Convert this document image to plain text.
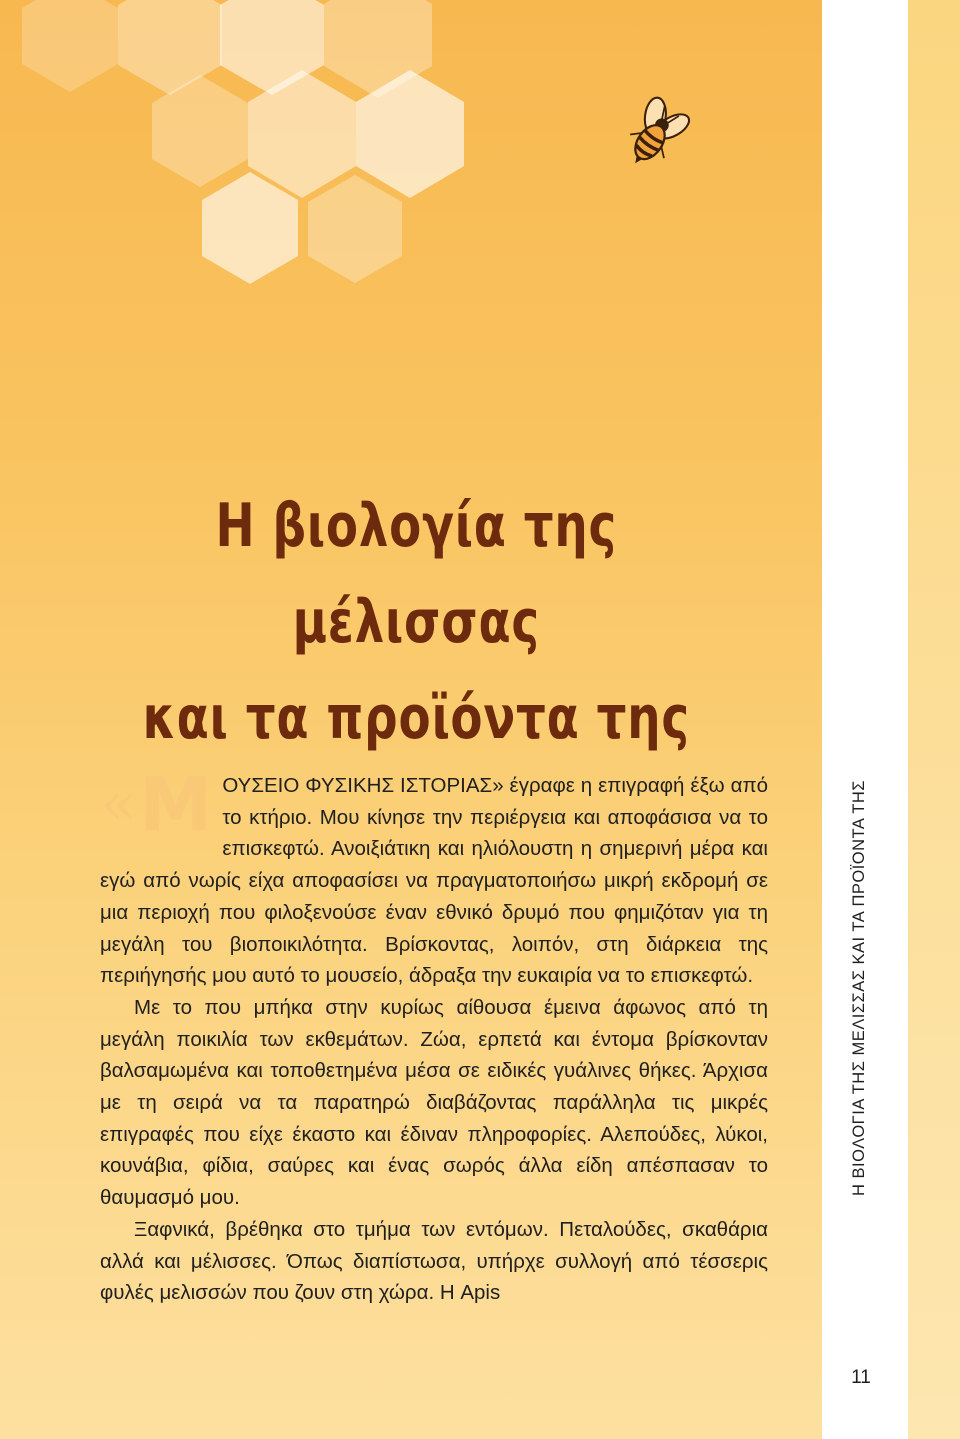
Η βιολογία της μέλισσας
και τα προϊόντα της

« Μ ΟΥΣΕΙΟ ΦΥΣΙΚΗΣ ΙΣΤΟΡΙΑΣ» έγραφε η επιγραφή έξω από το κτήριο. Μου κίνησε την περιέργεια και αποφάσισα να το επισκεφτώ. Ανοιξιάτικη και ηλιόλουστη η σημερινή μέρα και εγώ από νωρίς είχα αποφασίσει να πραγματοποιήσω μικρή εκδρομή σε μια περιοχή που φιλοξενούσε έναν εθνικό δρυμό που φημιζόταν για τη μεγάλη του βιοποικιλότητα. Βρίσκοντας, λοιπόν, στη διάρκεια της περιήγησής μου αυτό το μουσείο, άδραξα την ευκαιρία να το επισκεφτώ.

Με το που μπήκα στην κυρίως αίθουσα έμεινα άφωνος από τη μεγάλη ποικιλία των εκθεμάτων. Ζώα, ερπετά και έντομα βρίσκονταν βαλσαμωμένα και τοποθετημένα μέσα σε ειδικές γυάλινες θήκες. Άρχισα με τη σειρά να τα παρατηρώ διαβάζοντας παράλληλα τις μικρές επιγραφές που είχε έκαστο και έδιναν πληροφορίες. Αλεπούδες, λύκοι, κουνάβια, φίδια, σαύρες και ένας σωρός άλλα είδη απέσπασαν το θαυμασμό μου.

Ξαφνικά, βρέθηκα στο τμήμα των εντόμων. Πεταλούδες, σκαθάρια αλλά και μέλισσες. Όπως διαπίστωσα, υπήρχε συλλογή από τέσσερις φυλές μελισσών που ζουν στη χώρα. Η Apis

Η ΒΙΟΛΟΓΙΑ ΤΗΣ ΜΕΛΙΣΣΑΣ ΚΑΙ ΤΑ ΠΡΟΪΟΝΤΑ ΤΗΣ
11
